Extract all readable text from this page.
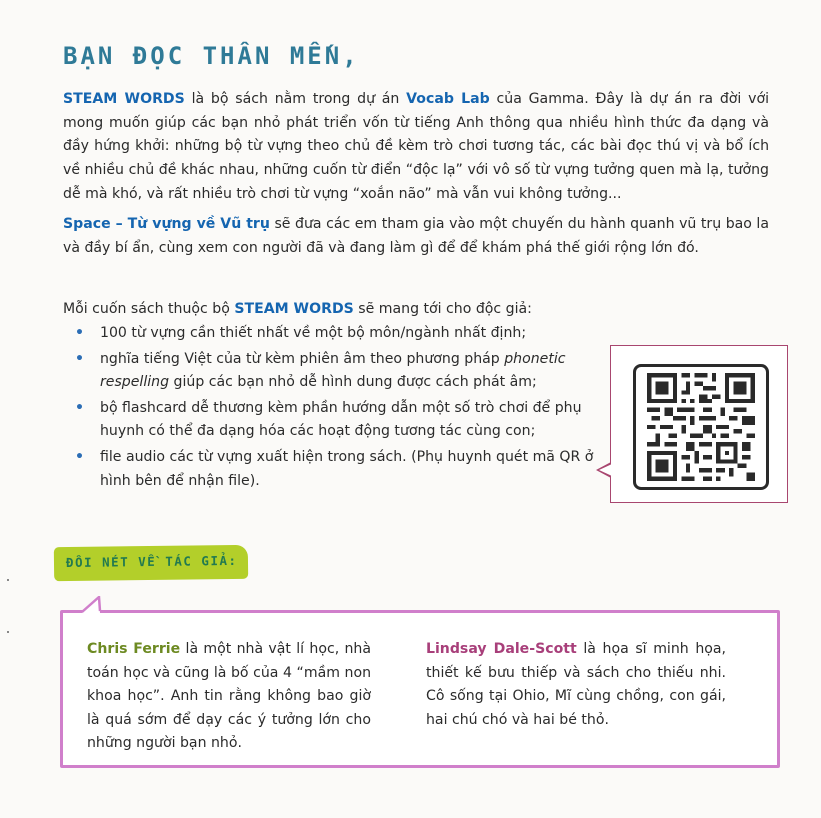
BẠN ĐỌC THÂN MẾN,

STEAM WORDS là bộ sách nằm trong dự án Vocab Lab của Gamma. Đây là dự án ra đời với mong muốn giúp các bạn nhỏ phát triển vốn từ tiếng Anh thông qua nhiều hình thức đa dạng và đầy hứng khởi: những bộ từ vựng theo chủ đề kèm trò chơi tương tác, các bài đọc thú vị và bổ ích về nhiều chủ đề khác nhau, những cuốn từ điển “độc lạ” với vô số từ vựng tưởng quen mà lạ, tưởng dễ mà khó, và rất nhiều trò chơi từ vựng “xoắn não” mà vẫn vui không tưởng...

Space – Từ vựng về Vũ trụ sẽ đưa các em tham gia vào một chuyến du hành quanh vũ trụ bao la và đầy bí ẩn, cùng xem con người đã và đang làm gì để để khám phá thế giới rộng lớn đó.

Mỗi cuốn sách thuộc bộ STEAM WORDS sẽ mang tới cho độc giả:
• 100 từ vựng cần thiết nhất về một bộ môn/ngành nhất định;
• nghĩa tiếng Việt của từ kèm phiên âm theo phương pháp phonetic respelling giúp các bạn nhỏ dễ hình dung được cách phát âm;
• bộ flashcard dễ thương kèm phần hướng dẫn một số trò chơi để phụ huynh có thể đa dạng hóa các hoạt động tương tác cùng con;
• file audio các từ vựng xuất hiện trong sách. (Phụ huynh quét mã QR ở hình bên để nhận file).
ĐÔI NÉT VỀ TÁC GIẢ:
Chris Ferrie là một nhà vật lí học, nhà toán học và cũng là bố của 4 “mầm non khoa học”. Anh tin rằng không bao giờ là quá sớm để dạy các ý tưởng lớn cho những người bạn nhỏ.
Lindsay Dale-Scott là họa sĩ minh họa, thiết kế bưu thiếp và sách cho thiếu nhi. Cô sống tại Ohio, Mĩ cùng chồng, con gái, hai chú chó và hai bé thỏ.
